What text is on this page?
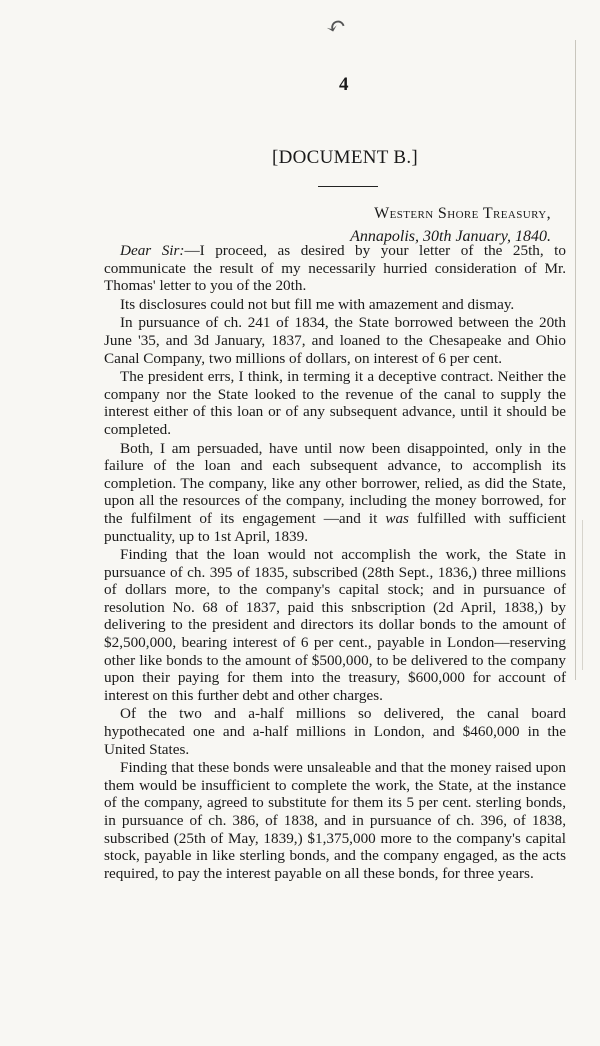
↶
4
[DOCUMENT B.]
Western Shore Treasury,
Annapolis, 30th January, 1840.

Dear Sir:—I proceed, as desired by your letter of the 25th, to communicate the result of my necessarily hurried consideration of Mr. Thomas' letter to you of the 20th.

Its disclosures could not but fill me with amazement and dismay.

In pursuance of ch. 241 of 1834, the State borrowed between the 20th June '35, and 3d January, 1837, and loaned to the Chesapeake and Ohio Canal Company, two millions of dollars, on interest of 6 per cent.

The president errs, I think, in terming it a deceptive contract. Neither the company nor the State looked to the revenue of the canal to supply the interest either of this loan or of any subsequent advance, until it should be completed.

Both, I am persuaded, have until now been disappointed, only in the failure of the loan and each subsequent advance, to accomplish its completion. The company, like any other borrower, relied, as did the State, upon all the resources of the company, including the money borrowed, for the fulfilment of its engagement —and it was fulfilled with sufficient punctuality, up to 1st April, 1839.

Finding that the loan would not accomplish the work, the State in pursuance of ch. 395 of 1835, subscribed (28th Sept., 1836,) three millions of dollars more, to the company's capital stock; and in pursuance of resolution No. 68 of 1837, paid this snbscription (2d April, 1838,) by delivering to the president and directors its dollar bonds to the amount of $2,500,000, bearing interest of 6 per cent., payable in London—reserving other like bonds to the amount of $500,000, to be delivered to the company upon their paying for them into the treasury, $600,000 for account of interest on this further debt and other charges.

Of the two and a-half millions so delivered, the canal board hypothecated one and a-half millions in London, and $460,000 in the United States.

Finding that these bonds were unsaleable and that the money raised upon them would be insufficient to complete the work, the State, at the instance of the company, agreed to substitute for them its 5 per cent. sterling bonds, in pursuance of ch. 386, of 1838, and in pursuance of ch. 396, of 1838, subscribed (25th of May, 1839,) $1,375,000 more to the company's capital stock, payable in like sterling bonds, and the company engaged, as the acts required, to pay the interest payable on all these bonds, for three years.
